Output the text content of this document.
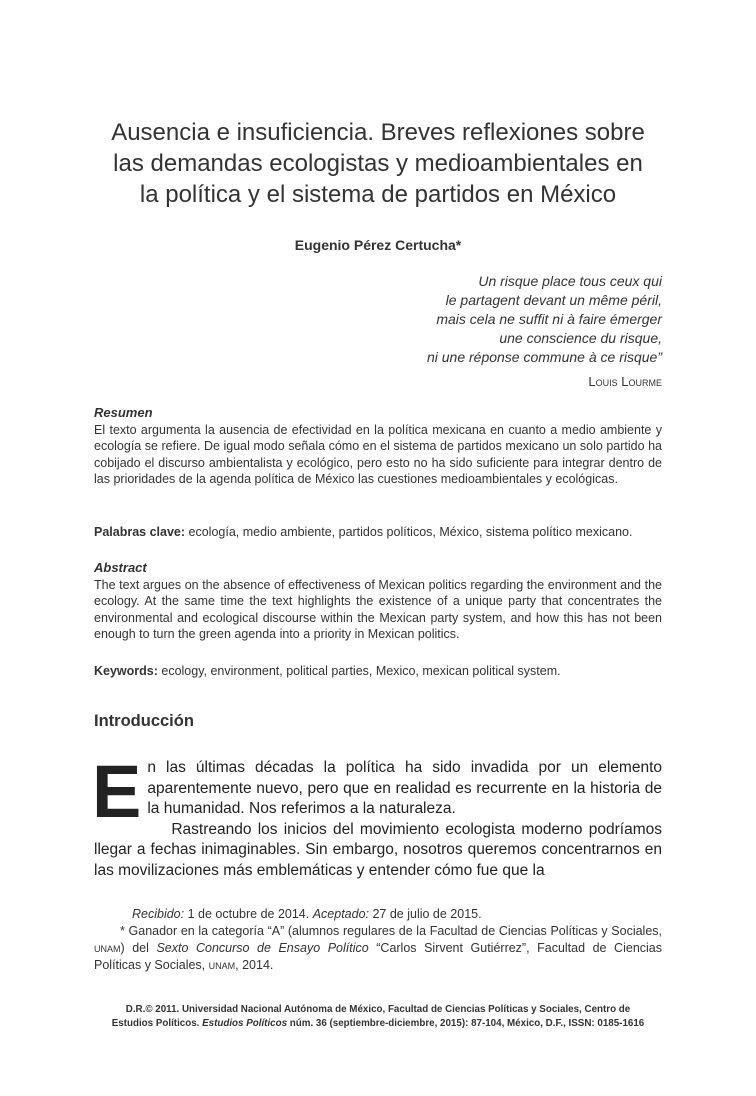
Ausencia e insuficiencia. Breves reflexiones sobre
las demandas ecologistas y medioambientales en
la política y el sistema de partidos en México
Eugenio Pérez Certucha*
Un risque place tous ceux qui
le partagent devant un même péril,
mais cela ne suffit ni à faire émerger
une conscience du risque,
ni une réponse commune à ce risque”
Louis Lourme
Resumen
El texto argumenta la ausencia de efectividad en la política mexicana en cuanto a medio ambiente y ecología se refiere. De igual modo señala cómo en el sistema de partidos mexicano un solo partido ha cobijado el discurso ambientalista y ecológico, pero esto no ha sido suficiente para integrar dentro de las prioridades de la agenda política de México las cuestiones medioambientales y ecológicas.
Palabras clave: ecología, medio ambiente, partidos políticos, México, sistema político mexicano.
Abstract
The text argues on the absence of effectiveness of Mexican politics regarding the environment and the ecology. At the same time the text highlights the existence of a unique party that concentrates the environmental and ecological discourse within the Mexican party system, and how this has not been enough to turn the green agenda into a priority in Mexican politics.
Keywords: ecology, environment, political parties, Mexico, mexican political system.
Introducción
En las últimas décadas la política ha sido invadida por un elemento aparentemente nuevo, pero que en realidad es recurrente en la historia de la humanidad. Nos referimos a la naturaleza.
Rastreando los inicios del movimiento ecologista moderno podríamos llegar a fechas inimaginables. Sin embargo, nosotros queremos concentrarnos en las movilizaciones más emblemáticas y entender cómo fue que la
Recibido: 1 de octubre de 2014. Aceptado: 27 de julio de 2015.
* Ganador en la categoría “A” (alumnos regulares de la Facultad de Ciencias Políticas y Sociales, unam) del Sexto Concurso de Ensayo Político “Carlos Sirvent Gutiérrez”, Facultad de Ciencias Políticas y Sociales, unam, 2014.
D.R.© 2011. Universidad Nacional Autónoma de México, Facultad de Ciencias Políticas y Sociales, Centro de
Estudios Políticos. Estudios Políticos núm. 36 (septiembre-diciembre, 2015): 87-104, México, D.F., ISSN: 0185-1616
